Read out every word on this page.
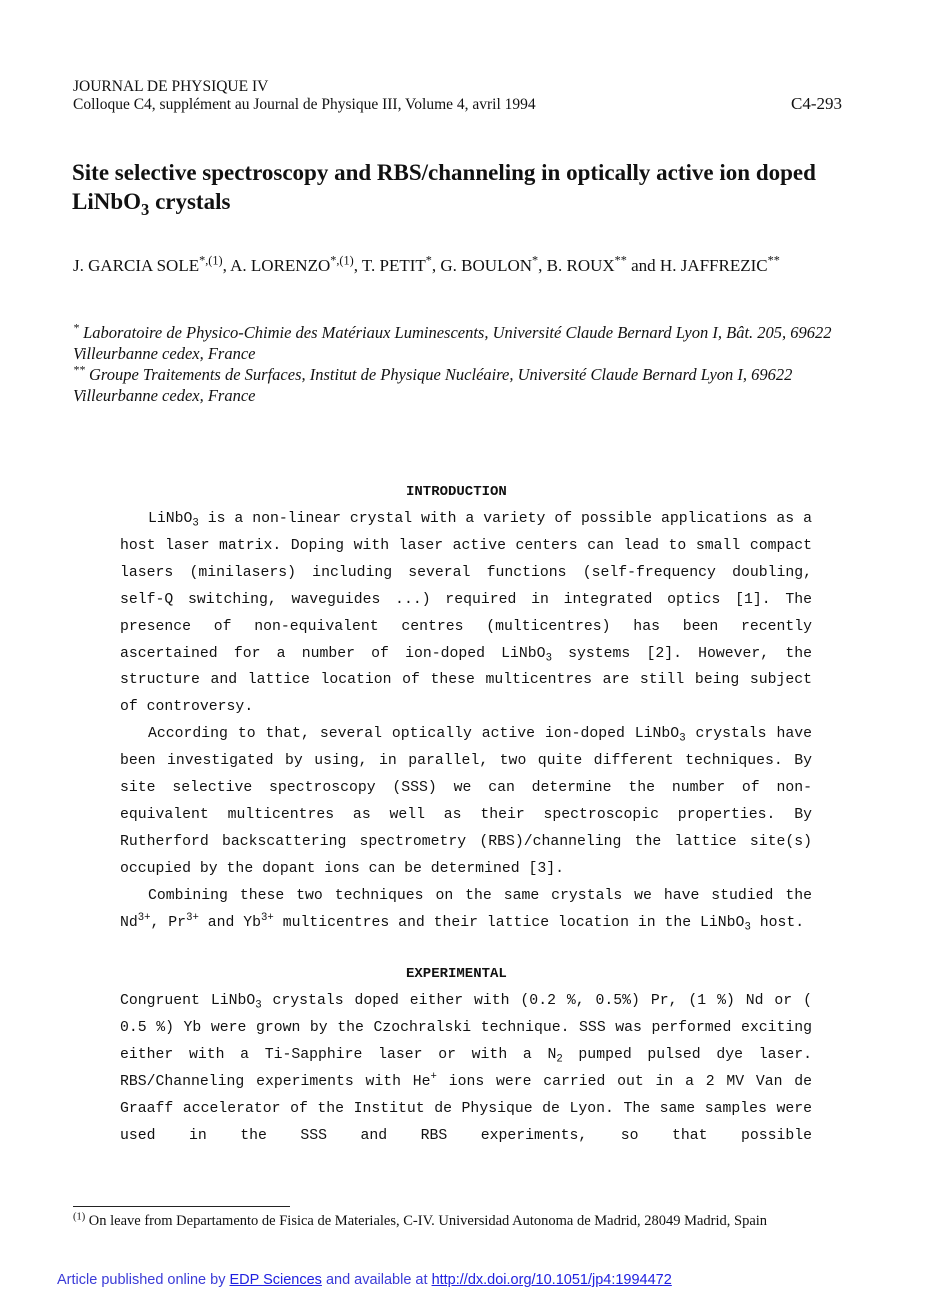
JOURNAL DE PHYSIQUE IV
Colloque C4, supplément au Journal de Physique III, Volume 4, avril 1994	C4-293
Site selective spectroscopy and RBS/channeling in optically active ion doped LiNbO$_3$ crystals
J. GARCIA $SOLE^{*,(1)}$, A. $LORENZO^{*,(1)}$, T. PETIT*, G. BOULON*, B. ROUX** and H. JAFFREZIC**

* Laboratoire de Physico-Chimie des Matériaux Luminescents, Université Claude Bernard Lyon I, Bât. 205, 69622 Villeurbanne cedex, France

** Groupe Traitements de Surfaces, Institut de Physique Nucléaire, Université Claude Bernard Lyon I, 69622 Villeurbanne cedex, France

INTRODUCTION

LiNbO$_3$ is a non-linear crystal with a variety of possible applications as a host laser matrix. Doping with laser active centers can lead to small compact lasers (minilasers) including several functions (self-frequency doubling, self-Q switching, waveguides ...) required in integrated optics [1]. The presence of non-equivalent centres (multicentres) has been recently ascertained for a number of ion-doped LiNbO$_3$ systems [2]. However, the structure and lattice location of these multicentres are still being subject of controversy.

According to that, several optically active ion-doped LiNbO$_3$ crystals have been investigated by using, in parallel, two quite different techniques. By site selective spectroscopy (SSS) we can determine the number of non-equivalent multicentres as well as their spectroscopic properties. By Rutherford backscattering spectrometry (RBS)/channeling the lattice site(s) occupied by the dopant ions can be determined [3].

Combining these two techniques on the same crystals we have studied the $Nd^{3+}$, $Pr^{3+}$ and $Yb^{3+}$ multicentres and their lattice location in the LiNbO$_3$ host.

EXPERIMENTAL

Congruent LiNbO$_3$ crystals doped either with (0.2 %, 0.5%) Pr, (1 %) Nd or ( 0.5 %) Yb were grown by the Czochralski technique. SSS was performed exciting either with a Ti-Sapphire laser or with a $N_2$ pumped pulsed dye laser. RBS/Channeling experiments with He+ ions were carried out in a 2 MV Van de Graaff accelerator of the Institut de Physique de Lyon. The same samples were used in the SSS and RBS experiments, so that possible

$^{(1)}$ On leave from Departamento de Fisica de Materiales, C-IV. Universidad Autonoma de Madrid, 28049 Madrid, Spain
Article published online by EDP Sciences and available at http://dx.doi.org/10.1051/jp4:1994472
